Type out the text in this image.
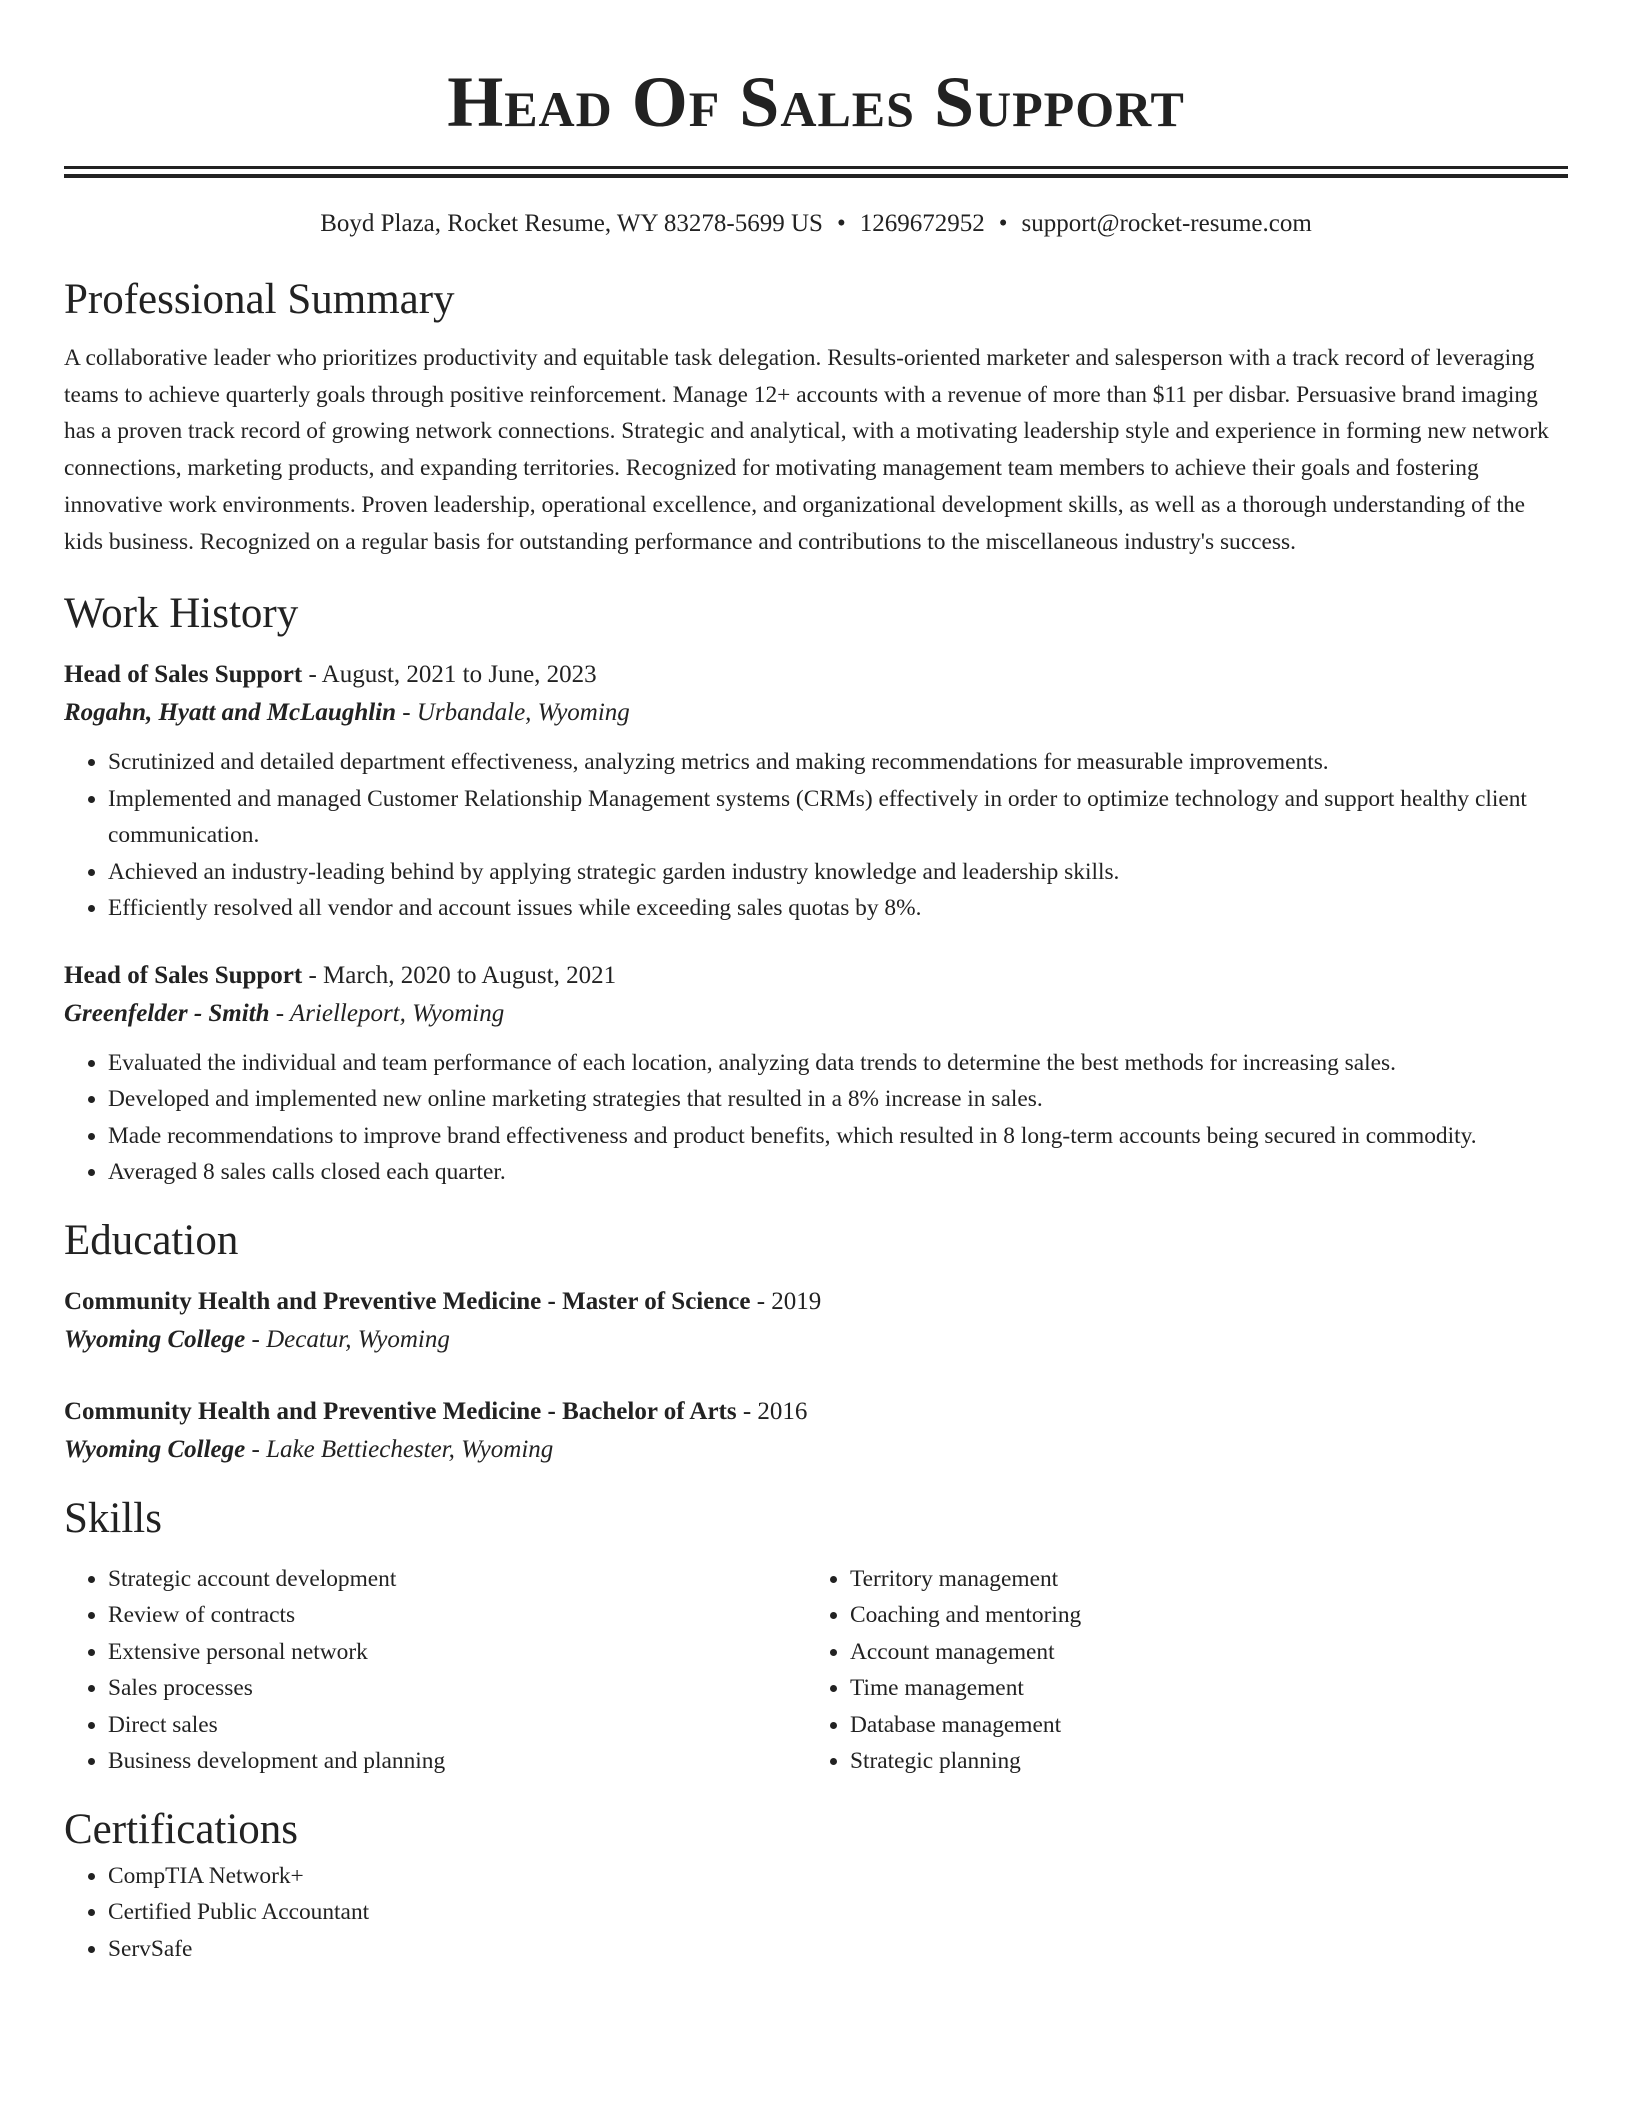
Head Of Sales Support
Boyd Plaza, Rocket Resume, WY 83278-5699 US • 1269672952 • support@rocket-resume.com
Professional Summary

A collaborative leader who prioritizes productivity and equitable task delegation. Results-oriented marketer and salesperson with a track record of leveraging teams to achieve quarterly goals through positive reinforcement. Manage 12+ accounts with a revenue of more than $11 per disbar. Persuasive brand imaging has a proven track record of growing network connections. Strategic and analytical, with a motivating leadership style and experience in forming new network connections, marketing products, and expanding territories. Recognized for motivating management team members to achieve their goals and fostering innovative work environments. Proven leadership, operational excellence, and organizational development skills, as well as a thorough understanding of the kids business. Recognized on a regular basis for outstanding performance and contributions to the miscellaneous industry's success.

Work History
Head of Sales Support - August, 2021 to June, 2023
Rogahn, Hyatt and McLaughlin - Urbandale, Wyoming
• Scrutinized and detailed department effectiveness, analyzing metrics and making recommendations for measurable improvements.
• Implemented and managed Customer Relationship Management systems (CRMs) effectively in order to optimize technology and support healthy client communication.
• Achieved an industry-leading behind by applying strategic garden industry knowledge and leadership skills.
• Efficiently resolved all vendor and account issues while exceeding sales quotas by 8%.
Head of Sales Support - March, 2020 to August, 2021
Greenfelder - Smith - Arielleport, Wyoming
• Evaluated the individual and team performance of each location, analyzing data trends to determine the best methods for increasing sales.
• Developed and implemented new online marketing strategies that resulted in a 8% increase in sales.
• Made recommendations to improve brand effectiveness and product benefits, which resulted in 8 long-term accounts being secured in commodity.
• Averaged 8 sales calls closed each quarter.
Education
Community Health and Preventive Medicine - Master of Science - 2019
Wyoming College - Decatur, Wyoming
Community Health and Preventive Medicine - Bachelor of Arts - 2016
Wyoming College - Lake Bettiechester, Wyoming
Skills
• Strategic account development
• Review of contracts
• Extensive personal network
• Sales processes
• Direct sales
• Business development and planning
• Territory management
• Coaching and mentoring
• Account management
• Time management
• Database management
• Strategic planning
Certifications
• CompTIA Network+
• Certified Public Accountant
• ServSafe
